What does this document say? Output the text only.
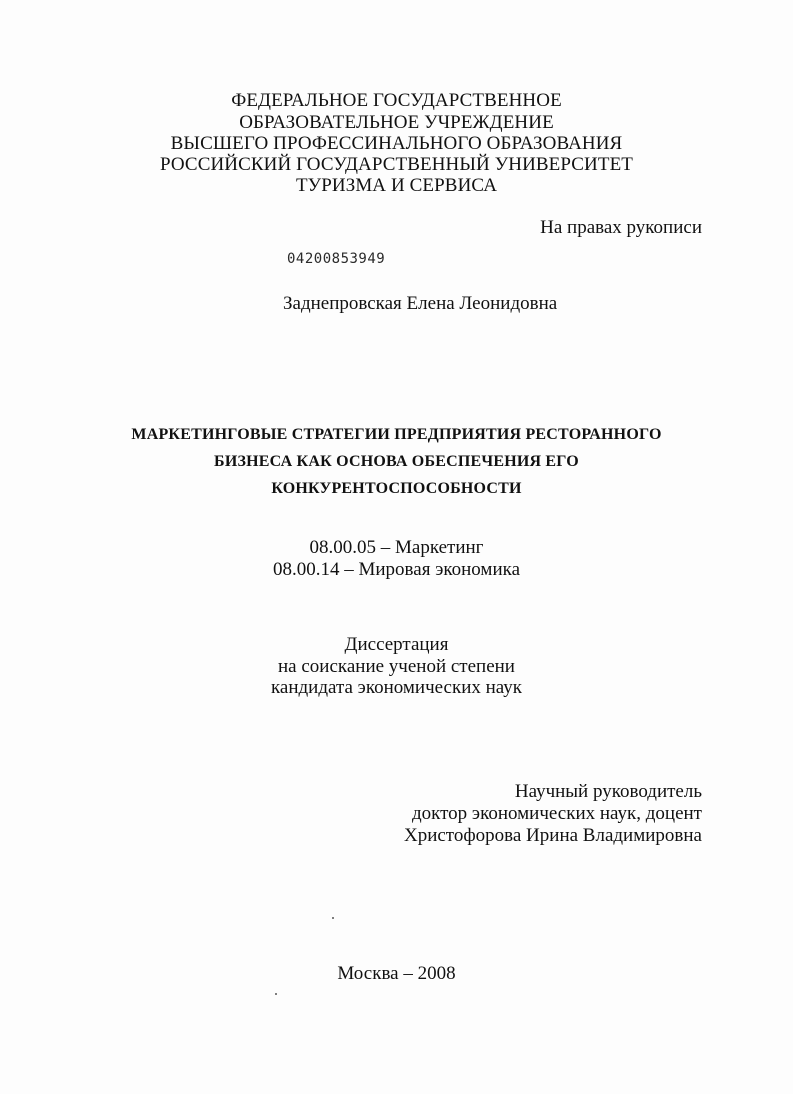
ФЕДЕРАЛЬНОЕ ГОСУДАРСТВЕННОЕ
ОБРАЗОВАТЕЛЬНОЕ УЧРЕЖДЕНИЕ
ВЫСШЕГО ПРОФЕССИНАЛЬНОГО ОБРАЗОВАНИЯ
РОССИЙСКИЙ ГОСУДАРСТВЕННЫЙ УНИВЕРСИТЕТ
ТУРИЗМА И СЕРВИСА
На правах рукописи
04200853949
Заднепровская Елена Леонидовна
МАРКЕТИНГОВЫЕ СТРАТЕГИИ ПРЕДПРИЯТИЯ РЕСТОРАННОГО
БИЗНЕСА КАК ОСНОВА ОБЕСПЕЧЕНИЯ ЕГО
КОНКУРЕНТОСПОСОБНОСТИ
08.00.05 – Маркетинг
08.00.14 – Мировая экономика
Диссертация
на соискание ученой степени
кандидата экономических наук
Научный руководитель
доктор экономических наук, доцент
Христофорова Ирина Владимировна
Москва – 2008
